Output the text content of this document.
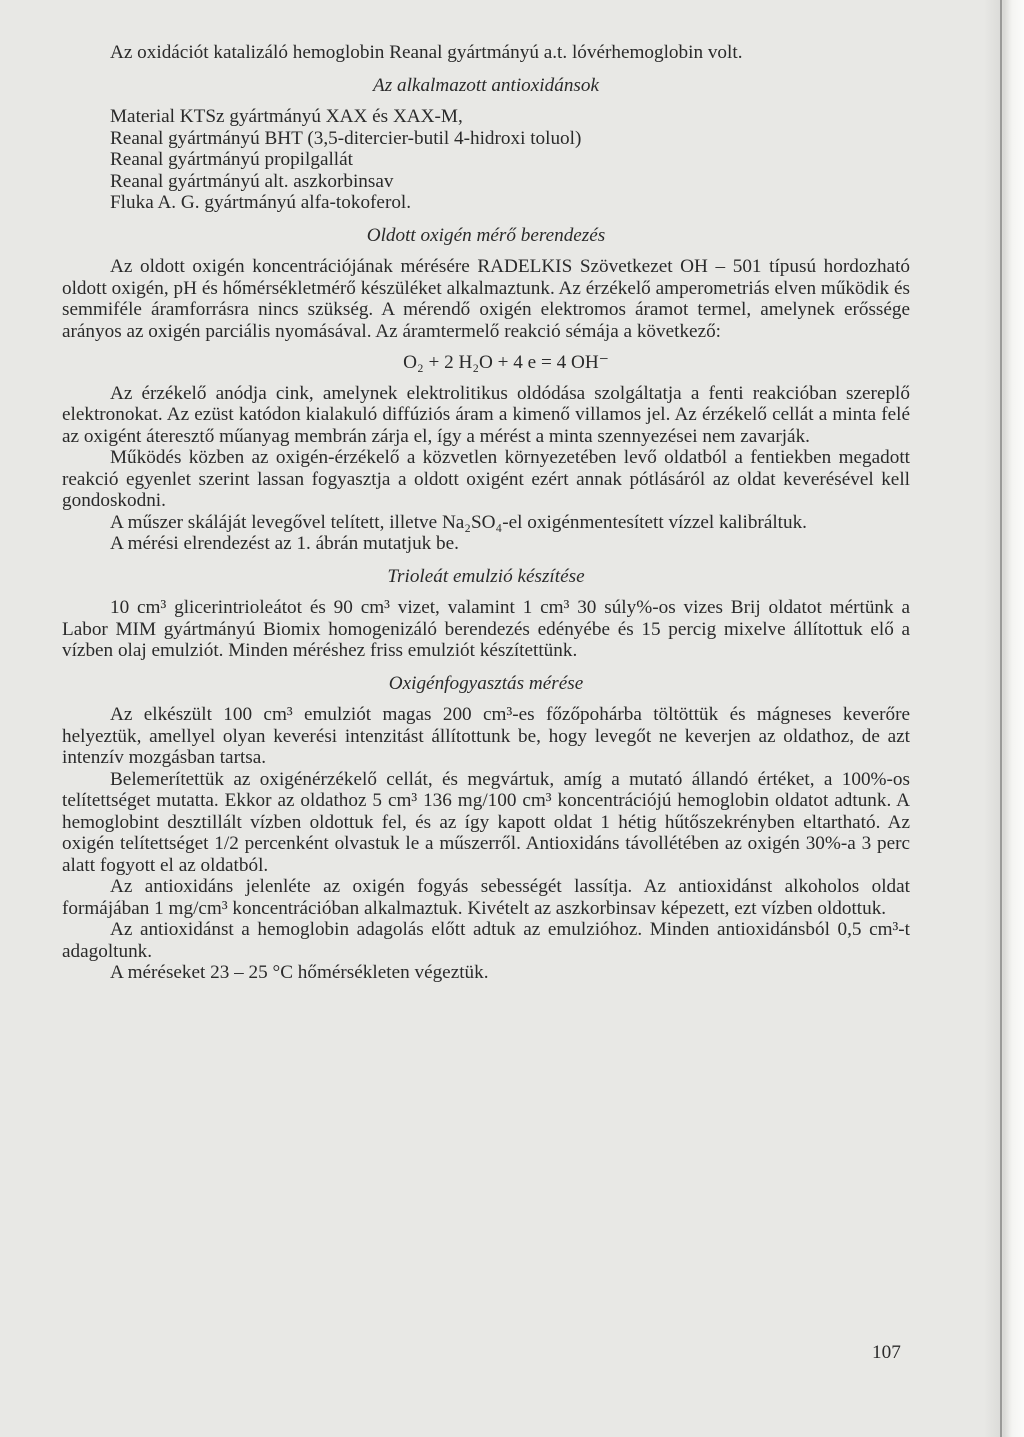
Az oxidációt katalizáló hemoglobin Reanal gyártmányú a.t. lóvérhemoglobin volt.

Az alkalmazott antioxidánsok
Material KTSz gyártmányú XAX és XAX-M,
Reanal gyártmányú BHT (3,5-ditercier-butil 4-hidroxi toluol)
Reanal gyártmányú propilgallát
Reanal gyártmányú alt. aszkorbinsav
Fluka A. G. gyártmányú alfa-tokoferol.
Oldott oxigén mérő berendezés

Az oldott oxigén koncentrációjának mérésére RADELKIS Szövetkezet OH – 501 típusú hordozható oldott oxigén, pH és hőmérsékletmérő készüléket alkalmaztunk. Az érzékelő amperometriás elven működik és semmiféle áramforrásra nincs szükség. A mérendő oxigén elektromos áramot termel, amelynek erőssége arányos az oxigén parciális nyomásával. Az áramtermelő reakció sémája a következő:

O₂ + 2 H₂O + 4 e = 4 OH⁻

Az érzékelő anódja cink, amelynek elektrolitikus oldódása szolgáltatja a fenti reakcióban szereplő elektronokat. Az ezüst katódon kialakuló diffúziós áram a kimenő villamos jel. Az érzékelő cellát a minta felé az oxigént áteresztő műanyag membrán zárja el, így a mérést a minta szennyezései nem zavarják.

Működés közben az oxigén-érzékelő a közvetlen környezetében levő oldatból a fentiekben megadott reakció egyenlet szerint lassan fogyasztja a oldott oxigént ezért annak pótlásáról az oldat keverésével kell gondoskodni.

A műszer skáláját levegővel telített, illetve Na₂SO₄-el oxigénmentesített vízzel kalibráltuk.

A mérési elrendezést az 1. ábrán mutatjuk be.

Trioleát emulzió készítése

10 cm³ glicerintrioleátot és 90 cm³ vizet, valamint 1 cm³ 30 súly%-os vizes Brij oldatot mértünk a Labor MIM gyártmányú Biomix homogenizáló berendezés edényébe és 15 percig mixelve állítottuk elő a vízben olaj emulziót. Minden méréshez friss emulziót készítettünk.

Oxigénfogyasztás mérése

Az elkészült 100 cm³ emulziót magas 200 cm³-es főzőpohárba töltöttük és mágneses keverőre helyeztük, amellyel olyan keverési intenzitást állítottunk be, hogy levegőt ne keverjen az oldathoz, de azt intenzív mozgásban tartsa.

Belemerítettük az oxigénérzékelő cellát, és megvártuk, amíg a mutató állandó értéket, a 100%-os telítettséget mutatta. Ekkor az oldathoz 5 cm³ 136 mg/100 cm³ koncentrációjú hemoglobin oldatot adtunk. A hemoglobint desztillált vízben oldottuk fel, és az így kapott oldat 1 hétig hűtőszekrényben eltartható. Az oxigén telítettséget 1/2 percenként olvastuk le a műszerről. Antioxidáns távollétében az oxigén 30%-a 3 perc alatt fogyott el az oldatból.

Az antioxidáns jelenléte az oxigén fogyás sebességét lassítja. Az antioxidánst alkoholos oldat formájában 1 mg/cm³ koncentrációban alkalmaztuk. Kivételt az aszkorbinsav képezett, ezt vízben oldottuk.

Az antioxidánst a hemoglobin adagolás előtt adtuk az emulzióhoz. Minden antioxidánsból 0,5 cm³-t adagoltunk.

A méréseket 23 – 25 °C hőmérsékleten végeztük.

107
